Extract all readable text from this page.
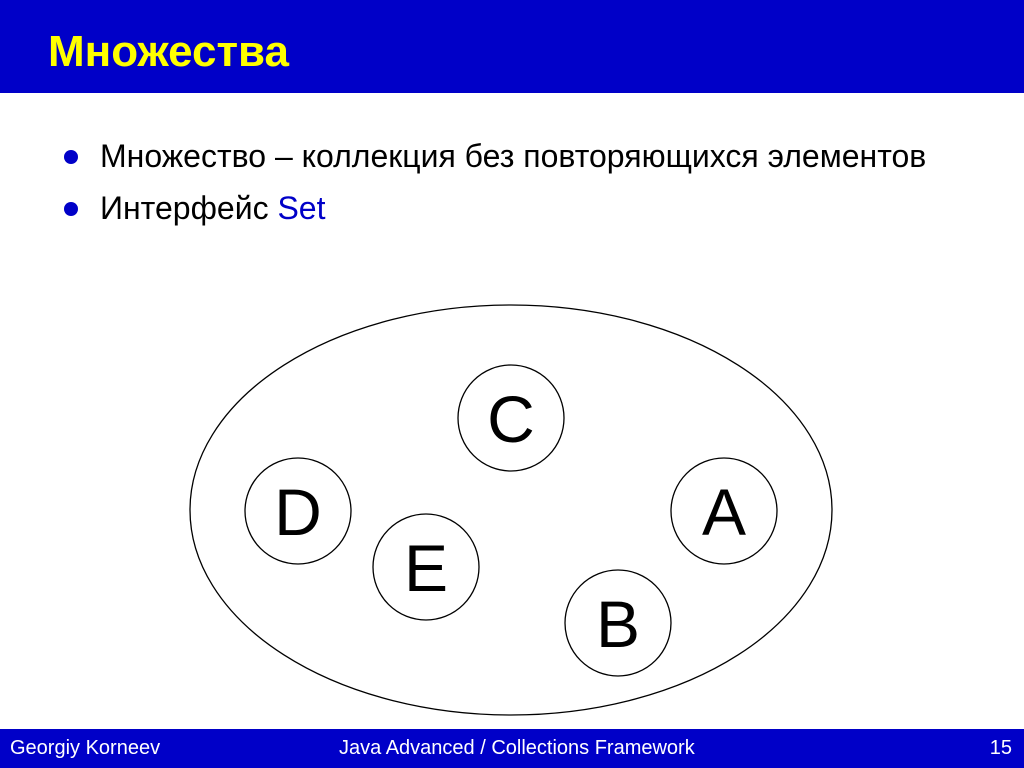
Множества
Множество – коллекция без повторяющихся элементов
Интерфейс Set
C
D	A
E
B
Georgiy Korneev	Java Advanced / Collections Framework	15
